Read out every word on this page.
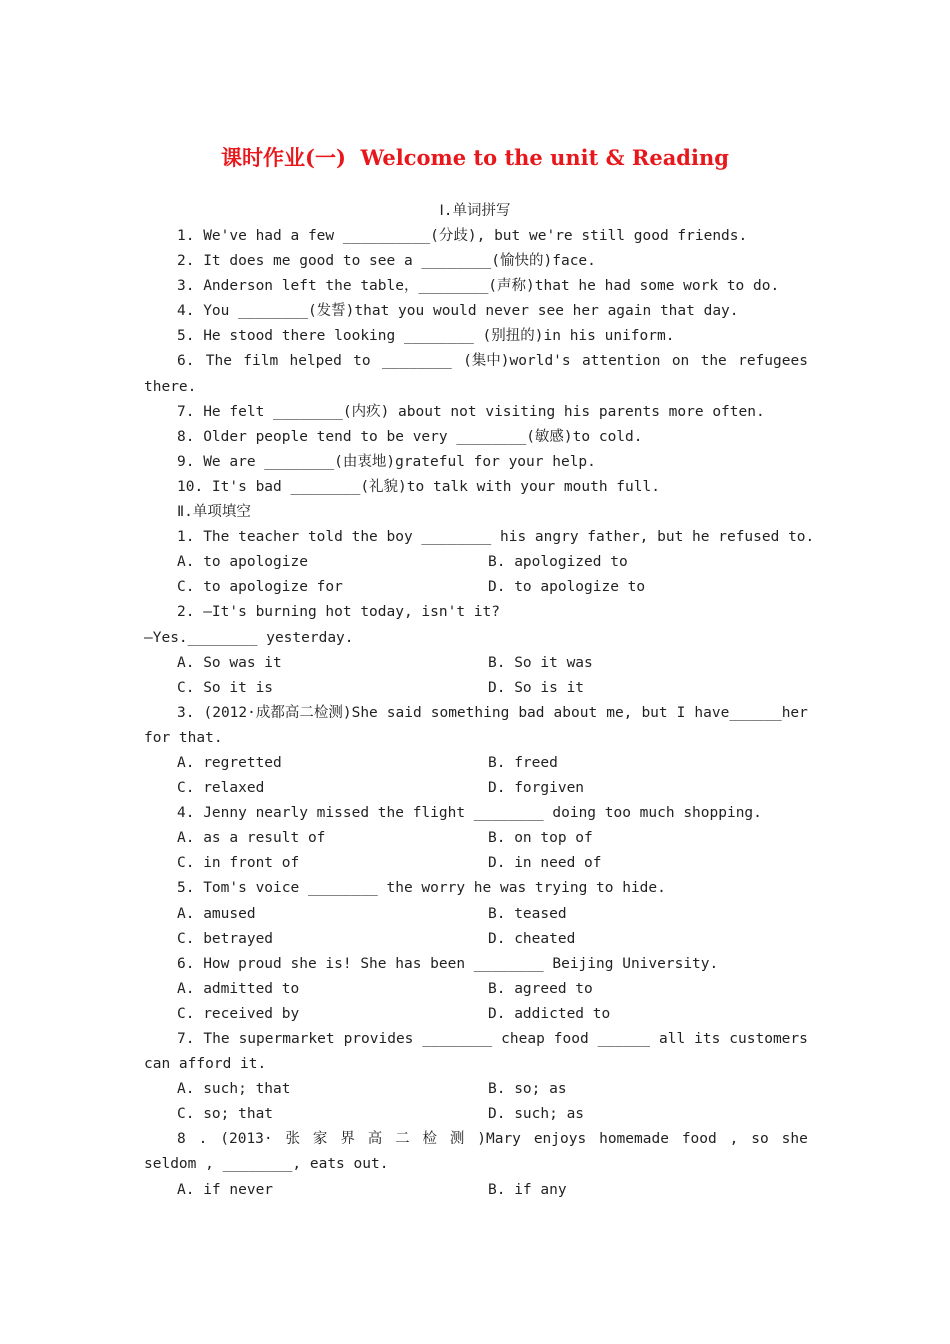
课时作业(一)  Welcome to the unit & Reading
Ⅰ.单词拼写
1. We've had a few __________(分歧), but we're still good friends.
2. It does me good to see a ________(愉快的)face.
3. Anderson left the table，________(声称)that he had some work to do.
4. You ________(发誓)that you would never see her again that day.
5. He stood there looking ________ (别扭的)in his uniform.
6. The film helped to ________ (集中)world's attention on the refugees
there.
7. He felt ________(内疚) about not visiting his parents more often.
8. Older people tend to be very ________(敏感)to cold.
9. We are ________(由衷地)grateful for your help.
10. It's bad ________(礼貌)to talk with your mouth full.
Ⅱ.单项填空
1. The teacher told the boy ________ his angry father, but he refused to.
A. to apologize	B. apologized to
C. to apologize for	D. to apologize to
2. —It's burning hot today, isn't it?
—Yes.________ yesterday.
A. So was it	B. So it was
C. So it is	D. So is it
3. (2012·成都高二检测)She said something bad about me, but I have______her
for that.
A. regretted	B. freed
C. relaxed	D. forgiven
4. Jenny nearly missed the flight ________ doing too much shopping.
A. as a result of	B. on top of
C. in front of	D. in need of
5. Tom's voice ________ the worry he was trying to hide.
A. amused	B. teased
C. betrayed	D. cheated
6. How proud she is! She has been ________ Beijing University.
A. admitted to	B. agreed to
C. received by	D. addicted to
7. The supermarket provides ________ cheap food ______ all its customers
can afford it.
A. such; that	B. so; as
C. so; that	D. such; as
8 . (2013· 张 家 界 高 二 检 测 )Mary enjoys homemade food , so she
seldom , ________, eats out.
A. if never	B. if any
